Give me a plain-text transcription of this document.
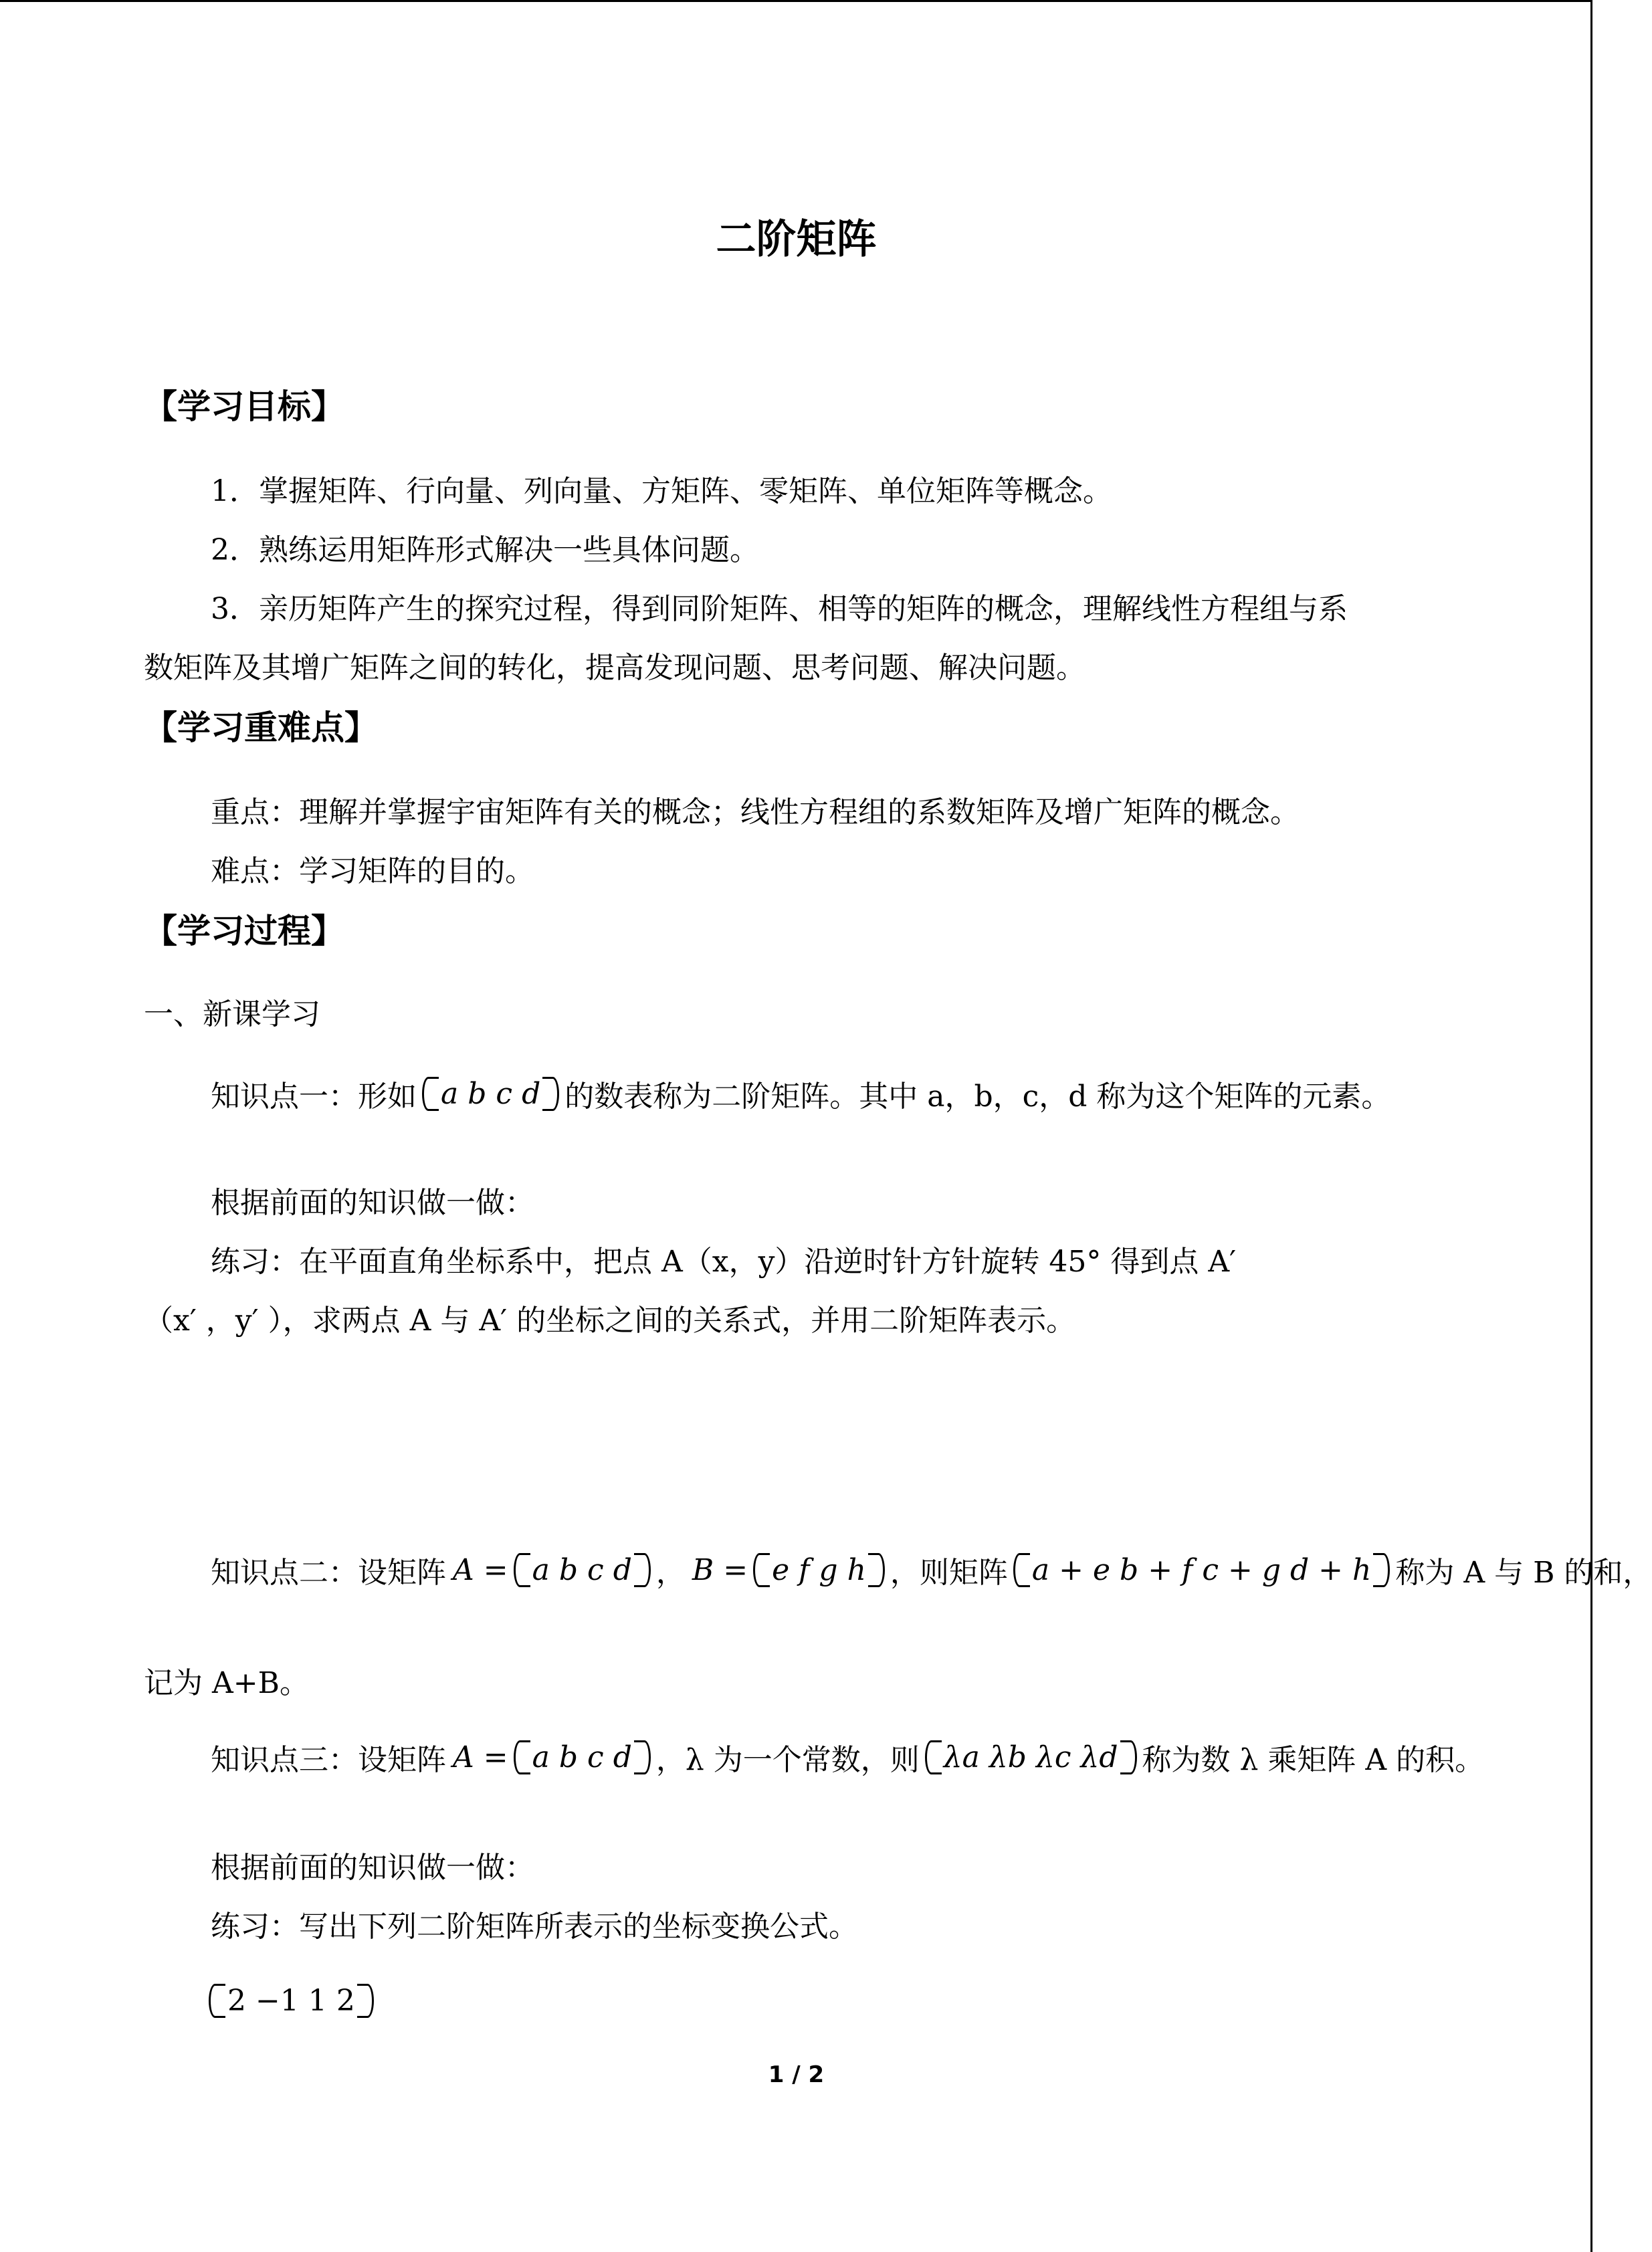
二阶矩阵
【学习目标】
1．掌握矩阵、行向量、列向量、方矩阵、零矩阵、单位矩阵等概念。
2．熟练运用矩阵形式解决一些具体问题。
3．亲历矩阵产生的探究过程，得到同阶矩阵、相等的矩阵的概念，理解线性方程组与系
数矩阵及其增广矩阵之间的转化，提高发现问题、思考问题、解决问题。
【学习重难点】
重点：理解并掌握宇宙矩阵有关的概念；线性方程组的系数矩阵及增广矩阵的概念。
难点：学习矩阵的目的。
【学习过程】
一、新课学习
知识点一：形如 a b c d 的数表称为二阶矩阵。其中 a，b，c，d 称为这个矩阵的元素。
根据前面的知识做一做：
练习：在平面直角坐标系中，把点 A（x，y）沿逆时针方针旋转 45° 得到点 A′
（x′ ，y′ ），求两点 A 与 A′ 的坐标之间的关系式，并用二阶矩阵表示。
知识点二：设矩阵 A = a b c d ， B = e f g h ，则矩阵 a + e b + f c + g d + h 称为 A 与 B 的和，
记为 A+B。
知识点三：设矩阵 A = a b c d ，λ 为一个常数，则 λa λb λc λd 称为数 λ 乘矩阵 A 的积。
根据前面的知识做一做：
练习：写出下列二阶矩阵所表示的坐标变换公式。
2 −1 1 2
1 / 2
